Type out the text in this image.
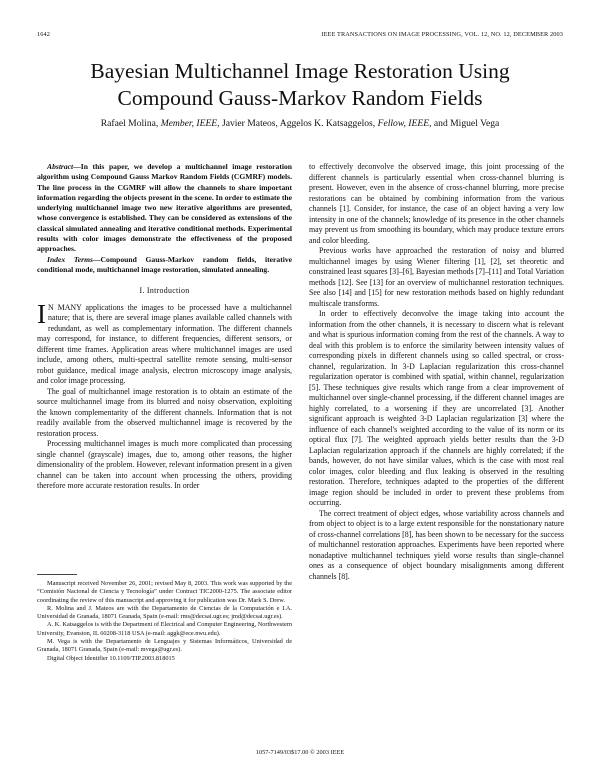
1642	IEEE TRANSACTIONS ON IMAGE PROCESSING, VOL. 12, NO. 12, DECEMBER 2003
Bayesian Multichannel Image Restoration Using
Compound Gauss-Markov Random Fields
Rafael Molina, Member, IEEE, Javier Mateos, Aggelos K. Katsaggelos, Fellow, IEEE, and Miguel Vega

Abstract—In this paper, we develop a multichannel image restoration algorithm using Compound Gauss Markov Random Fields (CGMRF) models. The line process in the CGMRF will allow the channels to share important information regarding the objects present in the scene. In order to estimate the underlying multichannel image two new iterative algorithms are presented, whose convergence is established. They can be considered as extensions of the classical simulated annealing and iterative conditional methods. Experimental results with color images demonstrate the effectiveness of the proposed approaches.

Index Terms—Compound Gauss-Markov random fields, iterative conditional mode, multichannel image restoration, simulated annealing.

I. Introduction

I N MANY applications the images to be processed have a multichannel nature; that is, there are several image planes available called channels with redundant, as well as complementary information. The different channels may correspond, for instance, to different frequencies, different sensors, or different time frames. Application areas where multichannel images are used include, among others, multi-spectral satellite remote sensing, multi-sensor robot guidance, medical image analysis, electron microscopy image analysis, and color image processing.

The goal of multichannel image restoration is to obtain an estimate of the source multichannel image from its blurred and noisy observation, exploiting the known complementarity of the different channels. Information that is not readily available from the observed multichannel image is recovered by the restoration process.

Processing multichannel images is much more complicated than processing single channel (grayscale) images, due to, among other reasons, the higher dimensionality of the problem. However, relevant information present in a given channel can be taken into account when processing the others, providing therefore more accurate restoration results. In order

Manuscript received November 26, 2001; revised May 8, 2003. This work was supported by the “Comisión Nacional de Ciencia y Tecnología” under Contract TIC2000-1275. The associate editor coordinating the review of this manuscript and approving it for publication was Dr. Mark S. Drew.

R. Molina and J. Mateos are with the Departamento de Ciencias de la Computación e I.A. Universidad de Granada, 18071 Granada, Spain (e-mail: rms@decsai.ugr.es; jmd@decsai.ugr.es).

A. K. Katsaggelos is with the Department of Electrical and Computer Engineering, Northwestern University, Evanston, IL 60208-3118 USA (e-mail: aggk@ece.nwu.edu).

M. Vega is with the Departamento de Lenguajes y Sistemas Informáticos, Universidad de Granada, 18071 Granada, Spain (e-mail: mvega@ugr.es).

Digital Object Identifier 10.1109/TIP.2003.818015

to effectively deconvolve the observed image, this joint processing of the different channels is particularly essential when cross-channel blurring is present. However, even in the absence of cross-channel blurring, more precise restorations can be obtained by combining information from the various channels [1]. Consider, for instance, the case of an object having a very low intensity in one of the channels; knowledge of its presence in the other channels may prevent us from smoothing its boundary, which may produce texture errors and color bleeding.

Previous works have approached the restoration of noisy and blurred multichannel images by using Wiener filtering [1], [2], set theoretic and constrained least squares [3]–[6], Bayesian methods [7]–[11] and Total Variation methods [12]. See [13] for an overview of multichannel restoration techniques. See also [14] and [15] for new restoration methods based on highly redundant multiscale transforms.

In order to effectively deconvolve the image taking into account the information from the other channels, it is necessary to discern what is relevant and what is spurious information coming from the rest of the channels. A way to deal with this problem is to enforce the similarity between intensity values of corresponding pixels in different channels using so called spectral, or cross-channel, regularization. In 3-D Laplacian regularization this cross-channel regularization operator is combined with spatial, within channel, regularization [5]. These techniques give results which range from a clear improvement of multichannel over single-channel processing, if the different channel images are highly correlated, to a worsening if they are uncorrelated [3]. Another significant approach is weighted 3-D Laplacian regularization [3] where the influence of each channel's weighted according to the value of its norm or its optical flux [7]. The weighted approach yields better results than the 3-D Laplacian regularization approach if the channels are highly correlated; if the bands, however, do not have similar values, which is the case with most real color images, color bleeding and flux leaking is observed in the resulting restoration. Therefore, techniques adapted to the properties of the different image region should be included in order to prevent these problems from occurring.

The correct treatment of object edges, whose variability across channels and from object to object is to a large extent responsible for the nonstationary nature of cross-channel correlations [8], has been shown to be necessary for the success of multichannel restoration approaches. Experiments have been reported where nonadaptive multichannel techniques yield worse results than single-channel ones as a consequence of object boundary misalignments among different channels [8].

1057-7149/03$17.00 © 2003 IEEE
